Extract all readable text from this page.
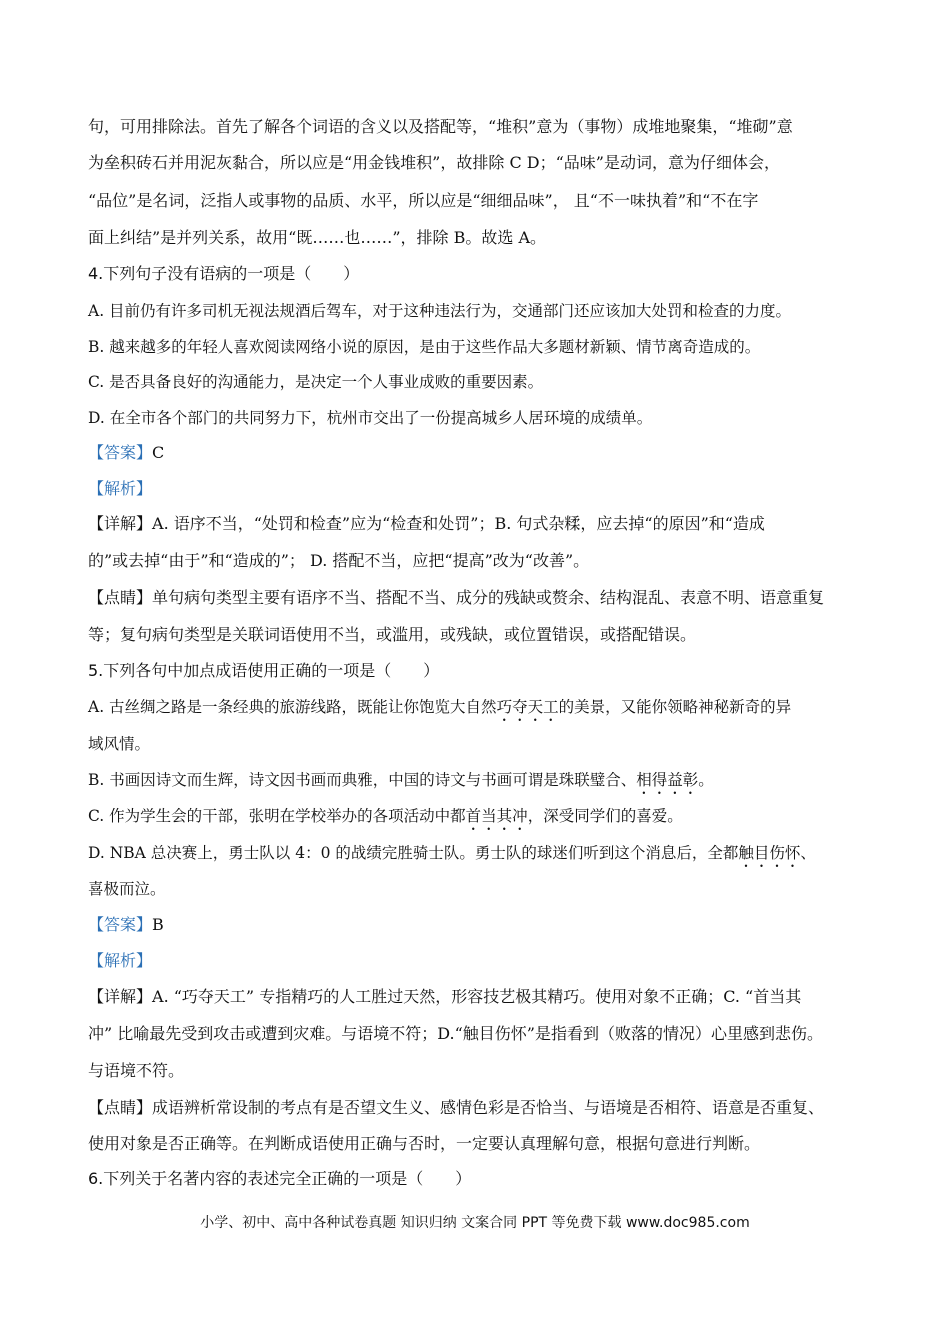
句，可用排除法。首先了解各个词语的含义以及搭配等，“堆积”意为（事物）成堆地聚集，“堆砌”意
为垒积砖石并用泥灰黏合，所以应是“用金钱堆积”，故排除 C D；“品味”是动词，意为仔细体会，
“品位”是名词，泛指人或事物的品质、水平，所以应是“细细品味”， 且“不一味执着”和“不在字
面上纠结”是并列关系，故用“既……也……”，排除 B。故选 A。
4.下列句子没有语病的一项是（　　）
A. 目前仍有许多司机无视法规酒后驾车，对于这种违法行为，交通部门还应该加大处罚和检查的力度。
B. 越来越多的年轻人喜欢阅读网络小说的原因，是由于这些作品大多题材新颖、情节离奇造成的。
C. 是否具备良好的沟通能力，是决定一个人事业成败的重要因素。
D. 在全市各个部门的共同努力下，杭州市交出了一份提高城乡人居环境的成绩单。
【答案】C
【解析】
【详解】A. 语序不当，“处罚和检查”应为“检查和处罚”；B. 句式杂糅，应去掉“的原因”和“造成
的”或去掉“由于”和“造成的”； D. 搭配不当，应把“提高”改为“改善”。
【点睛】单句病句类型主要有语序不当、搭配不当、成分的残缺或赘余、结构混乱、表意不明、语意重复
等；复句病句类型是关联词语使用不当，或滥用，或残缺，或位置错误，或搭配错误。
5.下列各句中加点成语使用正确的一项是（　　）
A. 古丝绸之路是一条经典的旅游线路，既能让你饱览大自然巧夺天工的美景，又能你领略神秘新奇的异
域风情。
B. 书画因诗文而生辉，诗文因书画而典雅，中国的诗文与书画可谓是珠联璧合、相得益彰。
C. 作为学生会的干部，张明在学校举办的各项活动中都首当其冲，深受同学们的喜爱。
D. NBA 总决赛上，勇士队以 4：0 的战绩完胜骑士队。勇士队的球迷们听到这个消息后，全都触目伤怀、
喜极而泣。
【答案】B
【解析】
【详解】A. “巧夺天工” 专指精巧的人工胜过天然，形容技艺极其精巧。使用对象不正确；C. “首当其
冲” 比喻最先受到攻击或遭到灾难。与语境不符；D.“触目伤怀”是指看到（败落的情况）心里感到悲伤。
与语境不符。
【点睛】成语辨析常设制的考点有是否望文生义、感情色彩是否恰当、与语境是否相符、语意是否重复、
使用对象是否正确等。在判断成语使用正确与否时，一定要认真理解句意，根据句意进行判断。
6.下列关于名著内容的表述完全正确的一项是（　　）
小学、初中、高中各种试卷真题 知识归纳 文案合同 PPT 等免费下载 www.doc985.com
